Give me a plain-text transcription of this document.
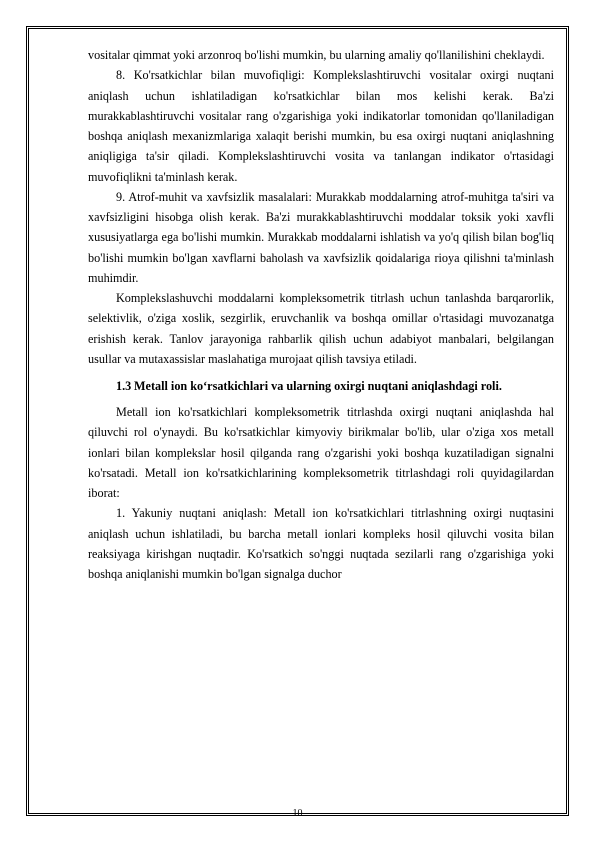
vositalar qimmat yoki arzonroq bo'lishi mumkin, bu ularning amaliy qo'llanilishini cheklaydi.

8. Ko'rsatkichlar bilan muvofiqligi: Komplekslashtiruvchi vositalar oxirgi nuqtani aniqlash uchun ishlatiladigan ko'rsatkichlar bilan mos kelishi kerak. Ba'zi murakkablashtiruvchi vositalar rang o'zgarishiga yoki indikatorlar tomonidan qo'llaniladigan boshqa aniqlash mexanizmlariga xalaqit berishi mumkin, bu esa oxirgi nuqtani aniqlashning aniqligiga ta'sir qiladi. Komplekslashtiruvchi vosita va tanlangan indikator o'rtasidagi muvofiqlikni ta'minlash kerak.

9. Atrof-muhit va xavfsizlik masalalari: Murakkab moddalarning atrof-muhitga ta'siri va xavfsizligini hisobga olish kerak. Ba'zi murakkablashtiruvchi moddalar toksik yoki xavfli xususiyatlarga ega bo'lishi mumkin. Murakkab moddalarni ishlatish va yo'q qilish bilan bog'liq bo'lishi mumkin bo'lgan xavflarni baholash va xavfsizlik qoidalariga rioya qilishni ta'minlash muhimdir.

Komplekslashuvchi moddalarni kompleksometrik titrlash uchun tanlashda barqarorlik, selektivlik, o'ziga xoslik, sezgirlik, eruvchanlik va boshqa omillar o'rtasidagi muvozanatga erishish kerak. Tanlov jarayoniga rahbarlik qilish uchun adabiyot manbalari, belgilangan usullar va mutaxassislar maslahatiga murojaat qilish tavsiya etiladi.

1.3 Metall ion ko‘rsatkichlari va ularning oxirgi nuqtani aniqlashdagi roli.

Metall ion ko'rsatkichlari kompleksometrik titrlashda oxirgi nuqtani aniqlashda hal qiluvchi rol o'ynaydi. Bu ko'rsatkichlar kimyoviy birikmalar bo'lib, ular o'ziga xos metall ionlari bilan komplekslar hosil qilganda rang o'zgarishi yoki boshqa kuzatiladigan signalni ko'rsatadi. Metall ion ko'rsatkichlarining kompleksometrik titrlashdagi roli quyidagilardan iborat:

1. Yakuniy nuqtani aniqlash: Metall ion ko'rsatkichlari titrlashning oxirgi nuqtasini aniqlash uchun ishlatiladi, bu barcha metall ionlari kompleks hosil qiluvchi vosita bilan reaksiyaga kirishgan nuqtadir. Ko'rsatkich so'nggi nuqtada sezilarli rang o'zgarishiga yoki boshqa aniqlanishi mumkin bo'lgan signalga duchor

10
